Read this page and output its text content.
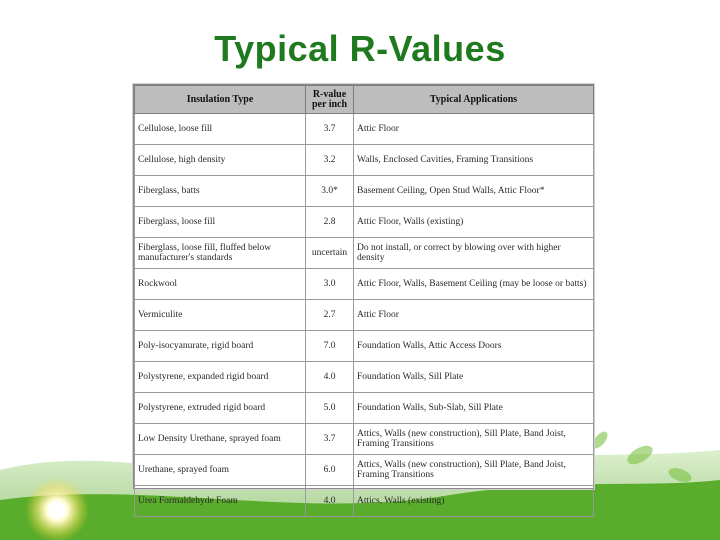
Typical R-Values
Insulation Type	R-value per inch	Typical Applications
Cellulose, loose fill	3.7	Attic Floor
Cellulose, high density	3.2	Walls, Enclosed Cavities, Framing Transitions
Fiberglass, batts	3.0*	Basement Ceiling, Open Stud Walls, Attic Floor*
Fiberglass, loose fill	2.8	Attic Floor, Walls (existing)
Fiberglass, loose fill, fluffed below manufacturer's standards	uncertain	Do not install, or correct by blowing over with higher density
Rockwool	3.0	Attic Floor, Walls, Basement Ceiling (may be loose or batts)
Vermiculite	2.7	Attic Floor
Poly-isocyanurate, rigid board	7.0	Foundation Walls, Attic Access Doors
Polystyrene, expanded rigid board	4.0	Foundation Walls, Sill Plate
Polystyrene, extruded rigid board	5.0	Foundation Walls, Sub-Slab, Sill Plate
Low Density Urethane, sprayed foam	3.7	Attics, Walls (new construction), Sill Plate, Band Joist, Framing Transitions
Urethane, sprayed foam	6.0	Attics, Walls (new construction), Sill Plate, Band Joist, Framing Transitions
Urea Formaldehyde Foam	4.0	Attics, Walls (existing)
